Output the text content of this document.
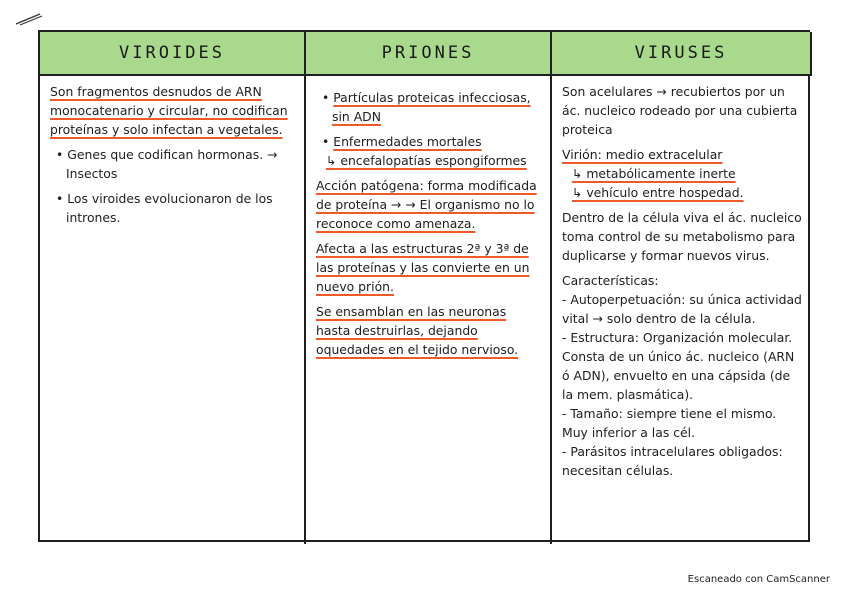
VIROIDES	PRIONES	VIRUSES
Son fragmentos desnudos de ARN monocatenario y circular, no codifican proteínas y solo infectan a vegetales.
• Genes que codifican hormonas. → Insectos
• Los viroides evolucionaron de los intrones.
• Partículas proteicas infecciosas, sin ADN
• Enfermedades mortales
↳ encefalopatías espongiformes
Acción patógena: forma modificada de proteína → → El organismo no lo reconoce como amenaza.
Afecta a las estructuras 2ª y 3ª de las proteínas y las convierte en un nuevo prión.
Se ensamblan en las neuronas hasta destruirlas, dejando oquedades en el tejido nervioso.
Son acelulares → recubiertos por un ác. nucleico rodeado por una cubierta proteica
Virión: medio extracelular
↳ metabólicamente inerte
↳ vehículo entre hospedad.
Dentro de la célula viva el ác. nucleico toma control de su metabolismo para duplicarse y formar nuevos virus.
Características:
- Autoperpetuación: su única actividad vital → solo dentro de la célula.
- Estructura: Organización molecular. Consta de un único ác. nucleico (ARN ó ADN), envuelto en una cápsida (de la mem. plasmática).
- Tamaño: siempre tiene el mismo. Muy inferior a las cél.
- Parásitos intracelulares obligados: necesitan células.
Escaneado con CamScanner
